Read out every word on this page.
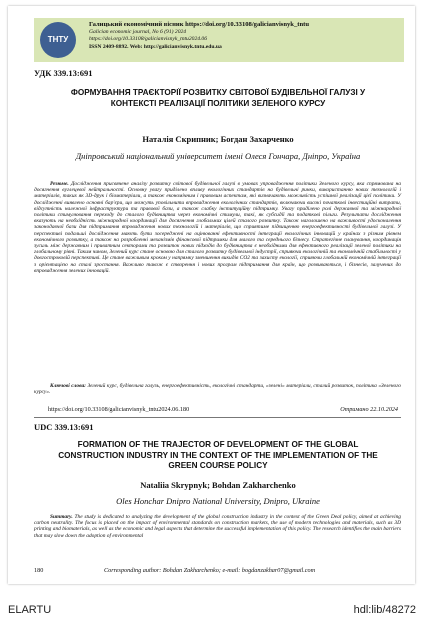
ТНТУ
Галицький економічний вісник https://doi.org/10.33108/galicianvisnyk_tntu
Galician economic journal, No 6 (91) 2024
https://doi.org/10.33108/galicianvisnyk_tntu2024.06
ISSN 2409-8892. Web: http://galicianvisnyk.tntu.edu.ua
УДК 339.13:691
ФОРМУВАННЯ ТРАЄКТОРІЇ РОЗВИТКУ СВІТОВОЇ БУДІВЕЛЬНОЇ ГАЛУЗІ У КОНТЕКСТІ РЕАЛІЗАЦІЇ ПОЛІТИКИ ЗЕЛЕНОГО КУРСУ
Наталія Скрипник; Богдан Захарченко
Дніпровський національний університет імені Олеся Гончара, Дніпро, Україна
Резюме. Дослідження присвячене аналізу розвитку світової будівельної галузі в умовах упровадження політики Зеленого курсу, яка спрямована на досягнення вуглецевої нейтральності. Основну увагу приділено впливу екологічних стандартів на будівельні ринки, використанню нових технологій і матеріалів, таких як 3D-друк і біоматеріали, а також економічним і правовим аспектам, які визначають можливість успішної реалізації цієї політики. У дослідженні виявлено основні бар'єри, що можуть уповільнити впровадження екологічних стандартів, включаючи високі початкові інвестиційні витрати, відсутність належної інфраструктури та правової бази, а також слабку інституційну підтримку. Увагу приділено ролі державної та міжнародної політики стимулювання переходу до сталого будівництва через економічні стимули, такі, як субсидії та податкові пільги. Результати дослідження вказують на необхідність міжнародної координації для досягнення глобальних цілей сталого розвитку. Також наголошено на важливості удосконалення законодавчої бази для підтримання впровадження нових технологій і матеріалів, що сприятиме підвищенню енергоефективності будівельної галузі. У перспективі подальші дослідження мають бути зосереджені на оцінюванні ефективності інтеграції екологічних інновацій у країнах з різним рівнем економічного розвитку, а також на розробленні механізмів фінансової підтримки для малого та середнього бізнесу. Стратегічне планування, координація зусиль між державним і приватним секторами та розвиток нових підходів до будівництва є необхідними для ефективного реалізації зеленої політики на глобальному рівні. Таким чином, Зелений курс стане основою для сталого розвитку будівельної індустрії, сприяючи екологічній та економічній стабільності у довгостроковій перспективі. Це стане важливим кроком у напрямку зменшення викидів CO2 та захисту екології, сприяючи глобальній економічній інтеграції з орієнтацією на сталі зростання. Важливо також є створення і нових програм підтримання для країн, що розвиваються, і бізнесів, залучених до впровадження зелених інновацій.
Ключові слова: Зелений курс, будівельна галузь, енергоефективність, екологічні стандарти, «зелені» матеріали, сталий розвиток, політика «Зеленого курсу».
https://doi.org/10.33108/galicianvisnyk_tntu2024.06.180	Отримано 22.10.2024
UDC 339.13:691
FORMATION OF THE TRAJECTOR OF DEVELOPMENT OF THE GLOBAL CONSTRUCTION INDUSTRY IN THE CONTEXT OF THE IMPLEMENTATION OF THE GREEN COURSE POLICY
Nataliia Skrypnyk; Bohdan Zakharchenko
Oles Honchar Dnipro National University, Dnipro, Ukraine
Summary. The study is dedicated to analyzing the development of the global construction industry in the context of the Green Deal policy, aimed at achieving carbon neutrality. The focus is placed on the impact of environmental standards on construction markets, the use of modern technologies and materials, such as 3D printing and biomaterials, as well as the economic and legal aspects that determine the successful implementation of this policy. The research identifies the main barriers that may slow down the adoption of environmental
180	Corresponding author: Bohdan Zakharchenko; e-mail: bogdanzakhar07@gmail.com
ELARTU	hdl:lib/48272
